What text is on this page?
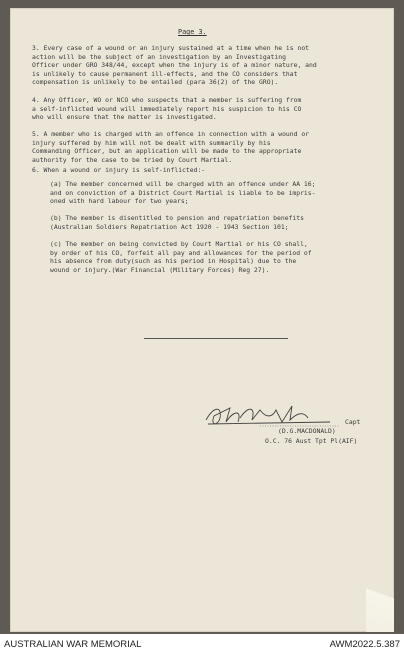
Page 3.
3. Every case of a wound or an injury sustained at a time when he is not
action will be the subject of an investigation by an Investigating
Officer under GRO 348/44, except when the injury is of a minor nature, and
is unlikely to cause permanent ill-effects, and the CO considers that
compensation is unlikely to be entailed (para 36(2) of the GRO).
4. Any Officer, WO or NCO who suspects that a member is suffering from
a self-inflicted wound will immediately report his suspicion to his CO
who will ensure that the matter is investigated.
5. A member who is charged with an offence in connection with a wound or
injury suffered by him will not be dealt with summarily by his
Commanding Officer, but an application will be made to the appropriate
authority for the case to be tried by Court Martial.
6. When a wound or injury is self-inflicted:-
(a) The member concerned will be charged with an offence under AA 16;
and on conviction of a District Court Martial is liable to be impris-
oned with hard labour for two years;
(b) The member is disentitled to pension and repatriation benefits
(Australian Soldiers Repatriation Act 1920 - 1943 Section 101;
(c) The member on being convicted by Court Martial or his CO shall,
by order of his CO, forfeit all pay and allowances for the period of
his absence from duty(such as his period in Hospital) due to the
wound or injury.(War Financial (Military Forces) Reg 27).
Capt
(D.G.MACDONALD)
O.C. 76 Aust Tpt Pl(AIF)
AUSTRALIAN WAR MEMORIAL	AWM2022.5.387
